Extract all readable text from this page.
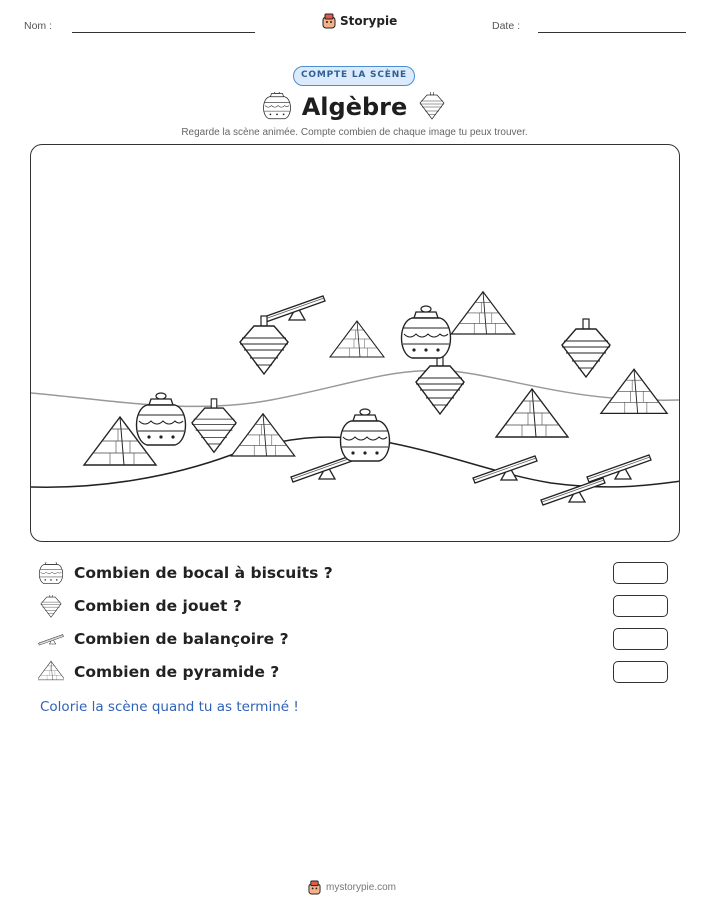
Nom :	Storypie	Date :
COMPTE LA SCÈNE
Algèbre
Regarde la scène animée. Compte combien de chaque image tu peux trouver.
Combien de bocal à biscuits ?
Combien de jouet ?
Combien de balançoire ?
Combien de pyramide ?
Colorie la scène quand tu as terminé !
mystorypie.com
